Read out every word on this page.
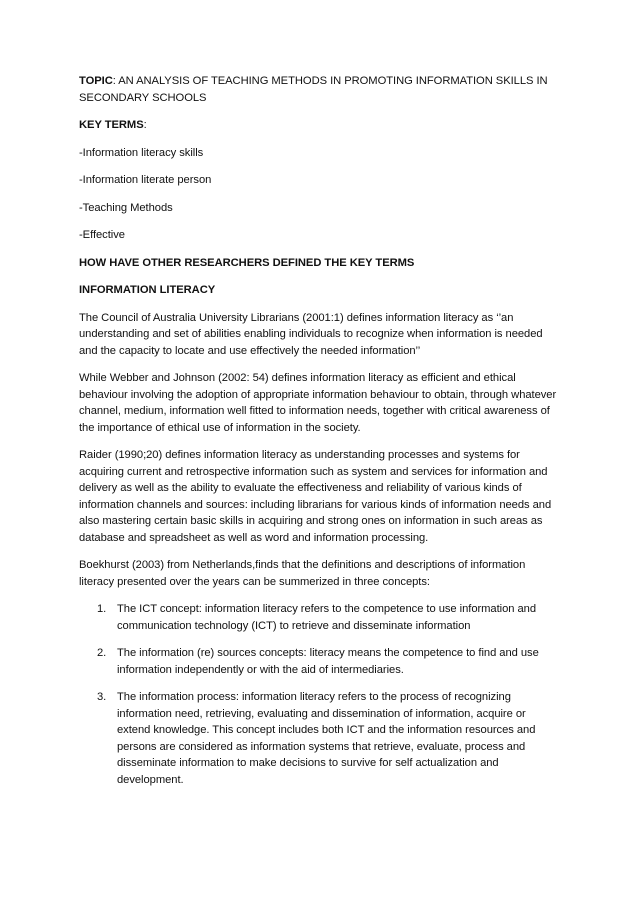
TOPIC: AN ANALYSIS OF TEACHING METHODS IN PROMOTING INFORMATION SKILLS IN SECONDARY SCHOOLS

KEY TERMS:

-Information literacy skills

-Information literate person

-Teaching Methods

-Effective

HOW HAVE OTHER RESEARCHERS DEFINED THE KEY TERMS

INFORMATION LITERACY

The Council of Australia University Librarians (2001:1) defines information literacy as ‘’an understanding and set of abilities enabling individuals to recognize when information is needed and the capacity to locate and use effectively the needed information’’

While Webber and Johnson (2002: 54) defines information literacy as efficient and ethical behaviour involving the adoption of appropriate information behaviour to obtain, through whatever channel, medium, information well fitted to information needs, together with critical awareness of the importance of ethical use of information in the society.

Raider (1990;20) defines information literacy as understanding processes and systems for acquiring current and retrospective information such as system and services for information and delivery as well as the ability to evaluate the effectiveness and reliability of various kinds of information channels and sources: including librarians for various kinds of information needs and also mastering certain basic skills in acquiring and strong ones on information in such areas as database and spreadsheet as well as word and information processing.

Boekhurst (2003) from Netherlands,finds that the definitions and descriptions of information literacy presented over the years can be summerized in three concepts:

1. The ICT concept: information literacy refers to the competence to use information and communication technology (ICT) to retrieve and disseminate information
2. The information (re) sources concepts: literacy means the competence to find and use information independently or with the aid of intermediaries.
3. The information process: information literacy refers to the process of recognizing information need, retrieving, evaluating and dissemination of information, acquire or extend knowledge. This concept includes both ICT and the information resources and persons are considered as information systems that retrieve, evaluate, process and disseminate information to make decisions to survive for self actualization and development.
